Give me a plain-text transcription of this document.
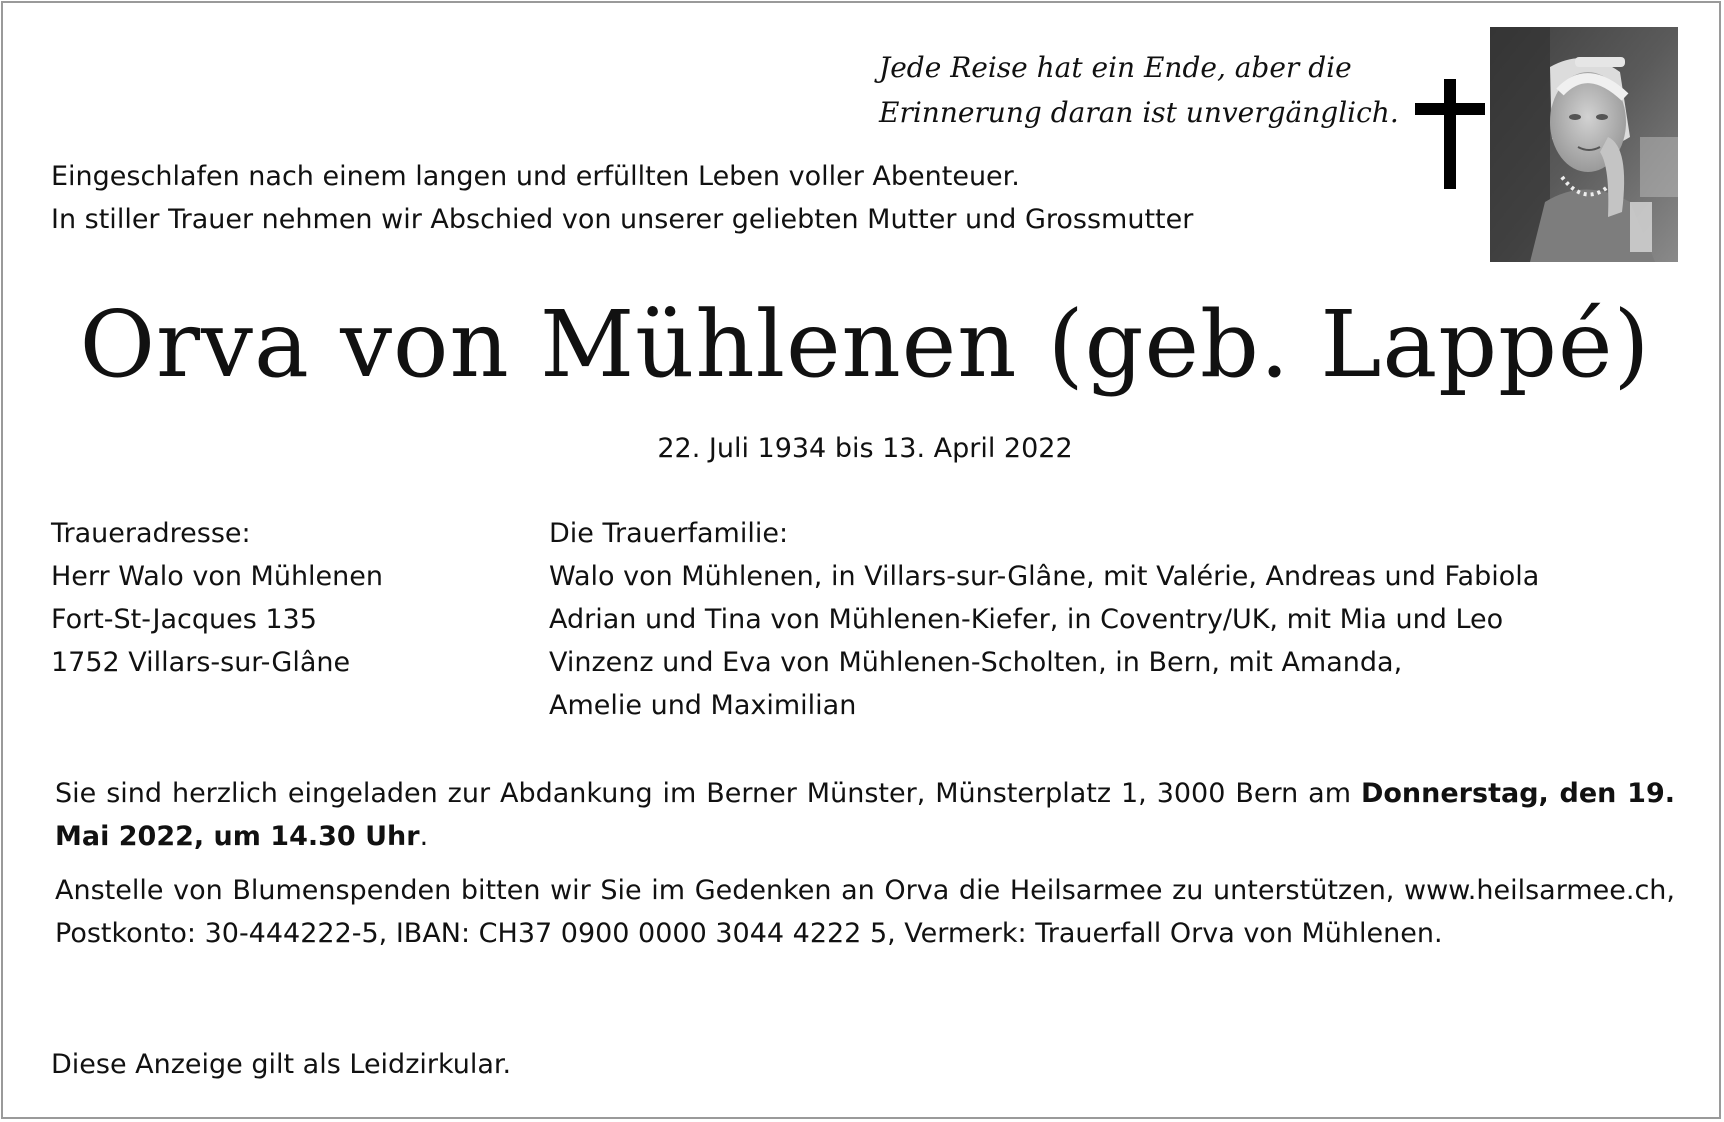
Jede Reise hat ein Ende, aber die
Erinnerung daran ist unvergänglich.
Eingeschlafen nach einem langen und erfüllten Leben voller Abenteuer.
In stiller Trauer nehmen wir Abschied von unserer geliebten Mutter und Grossmutter
Orva von Mühlenen (geb. Lappé)
22. Juli 1934 bis 13. April 2022
Traueradresse:
Herr Walo von Mühlenen
Fort-St-Jacques 135
1752 Villars-sur-Glâne
Die Trauerfamilie:
Walo von Mühlenen, in Villars-sur-Glâne, mit Valérie, Andreas und Fabiola
Adrian und Tina von Mühlenen-Kiefer, in Coventry/UK, mit Mia und Leo
Vinzenz und Eva von Mühlenen-Scholten, in Bern, mit Amanda,
Amelie und Maximilian
Sie sind herzlich eingeladen zur Abdankung im Berner Münster, Münsterplatz 1, 3000 Bern am Donnerstag, den 19. Mai 2022, um 14.30 Uhr.
Anstelle von Blumenspenden bitten wir Sie im Gedenken an Orva die Heilsarmee zu unterstützen, www.heilsarmee.ch, Postkonto: 30-444222-5, IBAN: CH37 0900 0000 3044 4222 5, Vermerk: Trauerfall Orva von Mühlenen.
Diese Anzeige gilt als Leidzirkular.
